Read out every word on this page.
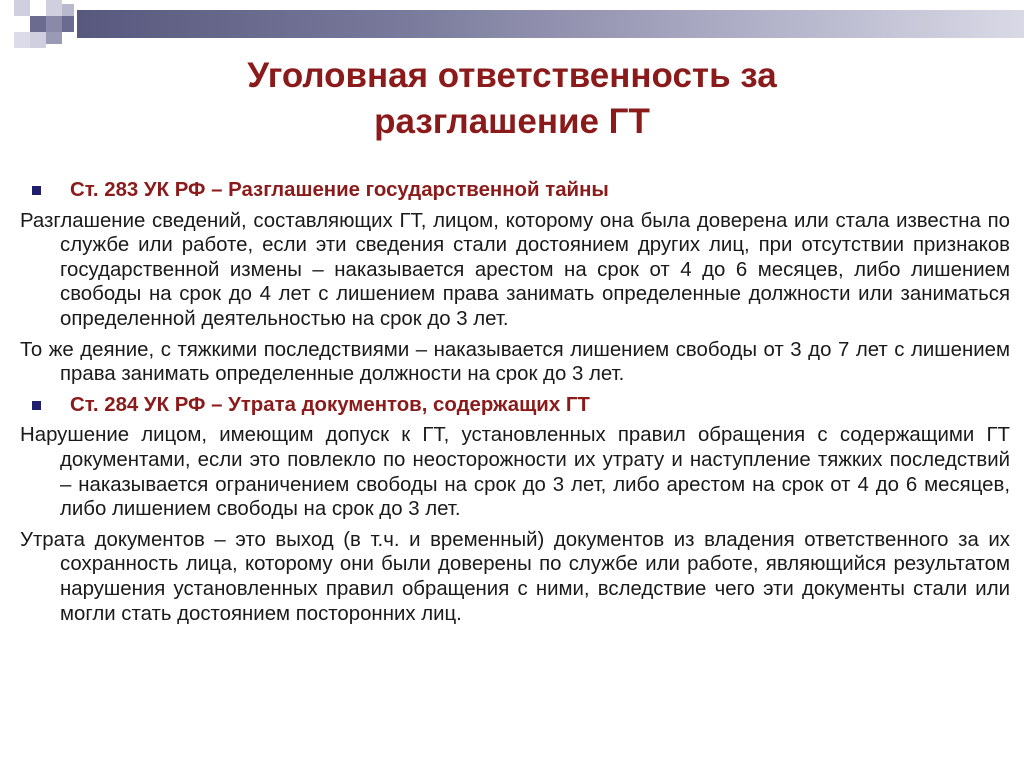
Уголовная ответственность за
разглашение ГТ
Ст. 283 УК РФ – Разглашение государственной тайны

Разглашение сведений, составляющих ГТ, лицом, которому она была доверена или стала известна по службе или работе, если эти сведения стали достоянием других лиц, при отсутствии признаков государственной измены – наказывается арестом на срок от 4 до 6 месяцев, либо лишением свободы на срок до 4 лет с лишением права занимать определенные должности или заниматься определенной деятельностью на срок до 3 лет.

То же деяние, с тяжкими последствиями – наказывается лишением свободы от 3 до 7 лет с лишением права занимать определенные должности на срок до 3 лет.

Ст. 284 УК РФ – Утрата документов, содержащих ГТ

Нарушение лицом, имеющим допуск к ГТ, установленных правил обращения с содержащими ГТ документами, если это повлекло по неосторожности их утрату и наступление тяжких последствий – наказывается ограничением свободы на срок до 3 лет, либо арестом на срок от 4 до 6 месяцев, либо лишением свободы на срок до 3 лет.

Утрата документов – это выход (в т.ч. и временный) документов из владения ответственного за их сохранность лица, которому они были доверены по службе или работе, являющийся результатом нарушения установленных правил обращения с ними, вследствие чего эти документы стали или могли стать достоянием посторонних лиц.
